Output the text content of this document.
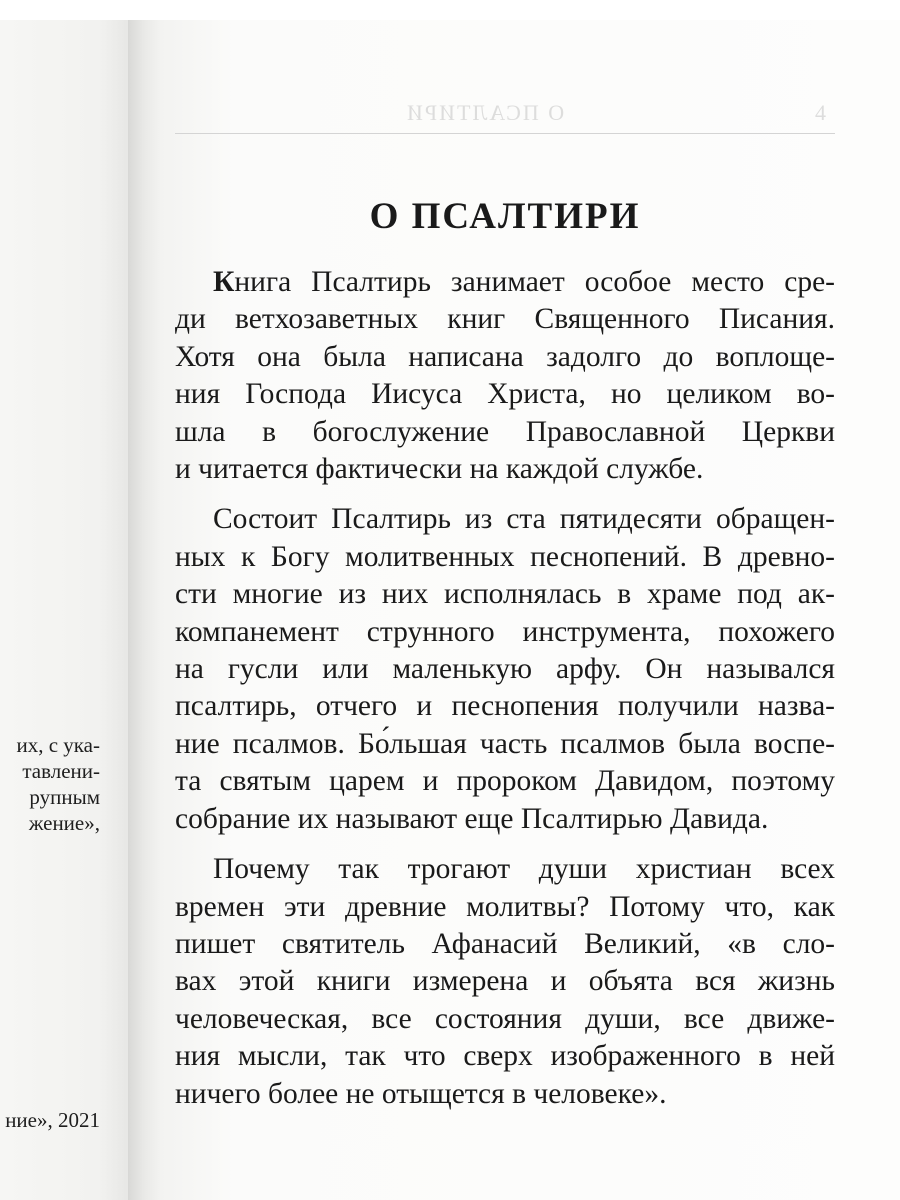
их, с ука-
тавлени-
рупным
жение»,
ние», 2021
О ПСАЛТИРИ	4
О ПСАЛТИРИ
Книга Псалтирь занимает особое место сре-
ди ветхозаветных книг Священного Писания.
Хотя она была написана задолго до воплоще-
ния Господа Иисуса Христа, но целиком во-
шла в богослужение Православной Церкви
и читается фактически на каждой службе.
Состоит Псалтирь из ста пятидесяти обращен-
ных к Богу молитвенных песнопений. В древно-
сти многие из них исполнялась в храме под ак-
компанемент струнного инструмента, похожего
на гусли или маленькую арфу. Он назывался
псалтирь, отчего и песнопения получили назва-
ние псалмов. Бо́льшая часть псалмов была воспе-
та святым царем и пророком Давидом, поэтому
собрание их называют еще Псалтирью Давида.
Почему так трогают души христиан всех
времен эти древние молитвы? Потому что, как
пишет святитель Афанасий Великий, «в сло-
вах этой книги измерена и объята вся жизнь
человеческая, все состояния души, все движе-
ния мысли, так что сверх изображенного в ней
ничего более не отыщется в человеке».
